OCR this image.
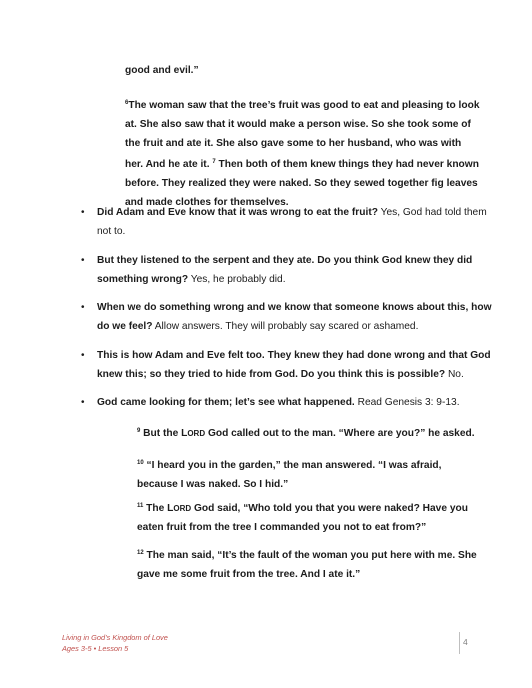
good and evil.”
$^6$The woman saw that the tree’s fruit was good to eat and pleasing to look at. She also saw that it would make a person wise. So she took some of the fruit and ate it. She also gave some to her husband, who was with her. And he ate it. $^7$ Then both of them knew things they had never known before. They realized they were naked. So they sewed together fig leaves and made clothes for themselves.
• Did Adam and Eve know that it was wrong to eat the fruit? Yes, God had told them not to.
• But they listened to the serpent and they ate. Do you think God knew they did something wrong? Yes, he probably did.
• When we do something wrong and we know that someone knows about this, how do we feel? Allow answers. They will probably say scared or ashamed.
• This is how Adam and Eve felt too. They knew they had done wrong and that God knew this; so they tried to hide from God. Do you think this is possible? No.
• God came looking for them; let’s see what happened. Read Genesis 3: 9-13.
$^9$ But the LORD God called out to the man. “Where are you?” he asked.
$^{10}$ “I heard you in the garden,” the man answered. “I was afraid, because I was naked. So I hid.”
$^{11}$ The LORD God said, “Who told you that you were naked? Have you eaten fruit from the tree I commanded you not to eat from?”
$^{12}$ The man said, “It’s the fault of the woman you put here with me. She gave me some fruit from the tree. And I ate it.”
Living in God’s Kingdom of Love
Ages 3-5 • Lesson 5
4
